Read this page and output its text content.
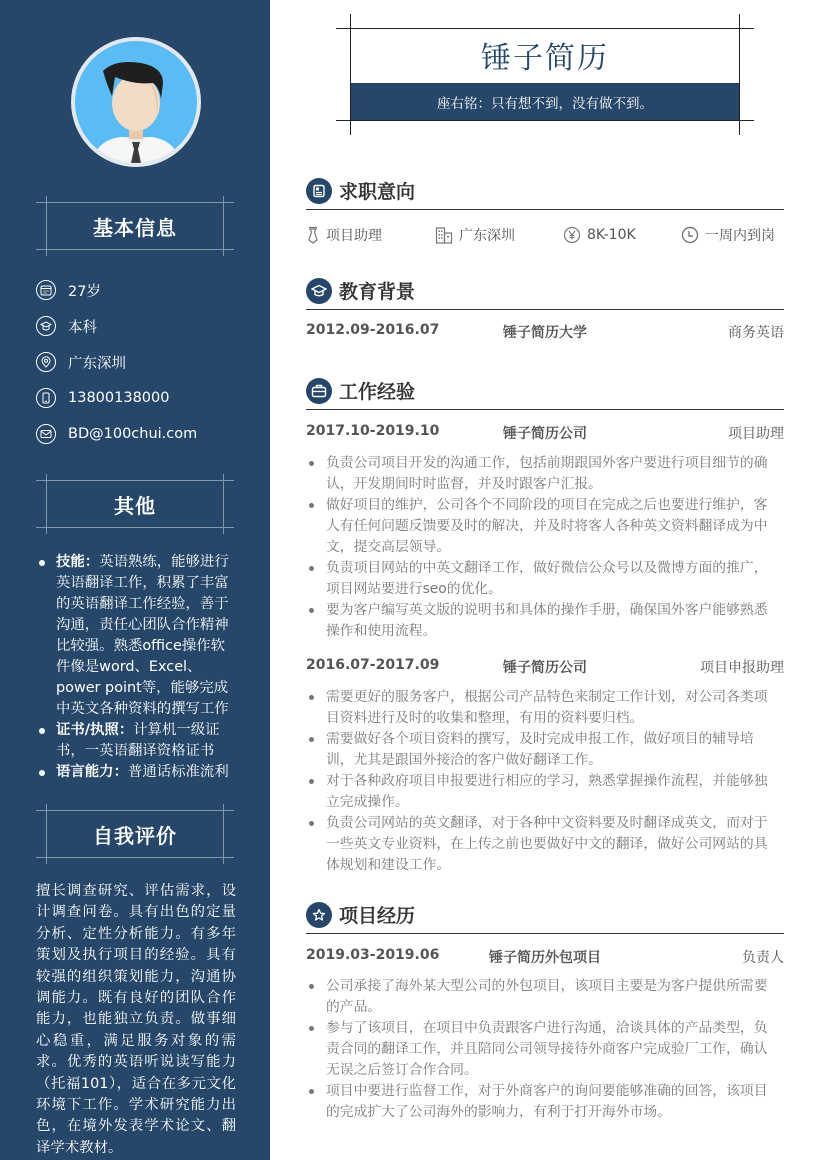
基本信息
27岁
本科
广东深圳
13800138000
BD@100chui.com
其他
技能：英语熟练，能够进行英语翻译工作，积累了丰富的英语翻译工作经验，善于沟通，责任心团队合作精神比较强。熟悉office操作软件像是word、Excel、power point等，能够完成中英文各种资料的撰写工作
证书/执照：计算机一级证书，一英语翻译资格证书
语言能力：普通话标准流利
自我评价
擅长调查研究、评估需求，设计调查问卷。具有出色的定量分析、定性分析能力。有多年策划及执行项目的经验。具有较强的组织策划能力，沟通协调能力。既有良好的团队合作能力，也能独立负责。做事细心稳重，满足服务对象的需求。优秀的英语听说读写能力（托福101），适合在多元文化环境下工作。学术研究能力出色，在境外发表学术论文、翻译学术教材。
锤子简历
座右铭：只有想不到，没有做不到。
求职意向
项目助理	广东深圳	8K-10K	一周内到岗
教育背景
2012.09-2016.07	锤子简历大学	商务英语
工作经验
2017.10-2019.10	锤子简历公司	项目助理
负责公司项目开发的沟通工作，包括前期跟国外客户要进行项目细节的确认，开发期间时时监督，并及时跟客户汇报。
做好项目的维护，公司各个不同阶段的项目在完成之后也要进行维护，客人有任何问题反馈要及时的解决，并及时将客人各种英文资料翻译成为中文，提交高层领导。
负责项目网站的中英文翻译工作，做好微信公众号以及微博方面的推广，项目网站要进行seo的优化。
要为客户编写英文版的说明书和具体的操作手册，确保国外客户能够熟悉操作和使用流程。
2016.07-2017.09	锤子简历公司	项目申报助理
需要更好的服务客户，根据公司产品特色来制定工作计划，对公司各类项目资料进行及时的收集和整理，有用的资料要归档。
需要做好各个项目资料的撰写，及时完成申报工作，做好项目的辅导培训，尤其是跟国外接洽的客户做好翻译工作。
对于各种政府项目申报要进行相应的学习，熟悉掌握操作流程，并能够独立完成操作。
负责公司网站的英文翻译，对于各种中文资料要及时翻译成英文，而对于一些英文专业资料，在上传之前也要做好中文的翻译，做好公司网站的具体规划和建设工作。
项目经历
2019.03-2019.06	锤子简历外包项目	负责人
公司承接了海外某大型公司的外包项目，该项目主要是为客户提供所需要的产品。
参与了该项目，在项目中负责跟客户进行沟通，洽谈具体的产品类型，负责合同的翻译工作，并且陪同公司领导接待外商客户完成验厂工作，确认无误之后签订合作合同。
项目中要进行监督工作，对于外商客户的询问要能够准确的回答，该项目的完成扩大了公司海外的影响力，有利于打开海外市场。
